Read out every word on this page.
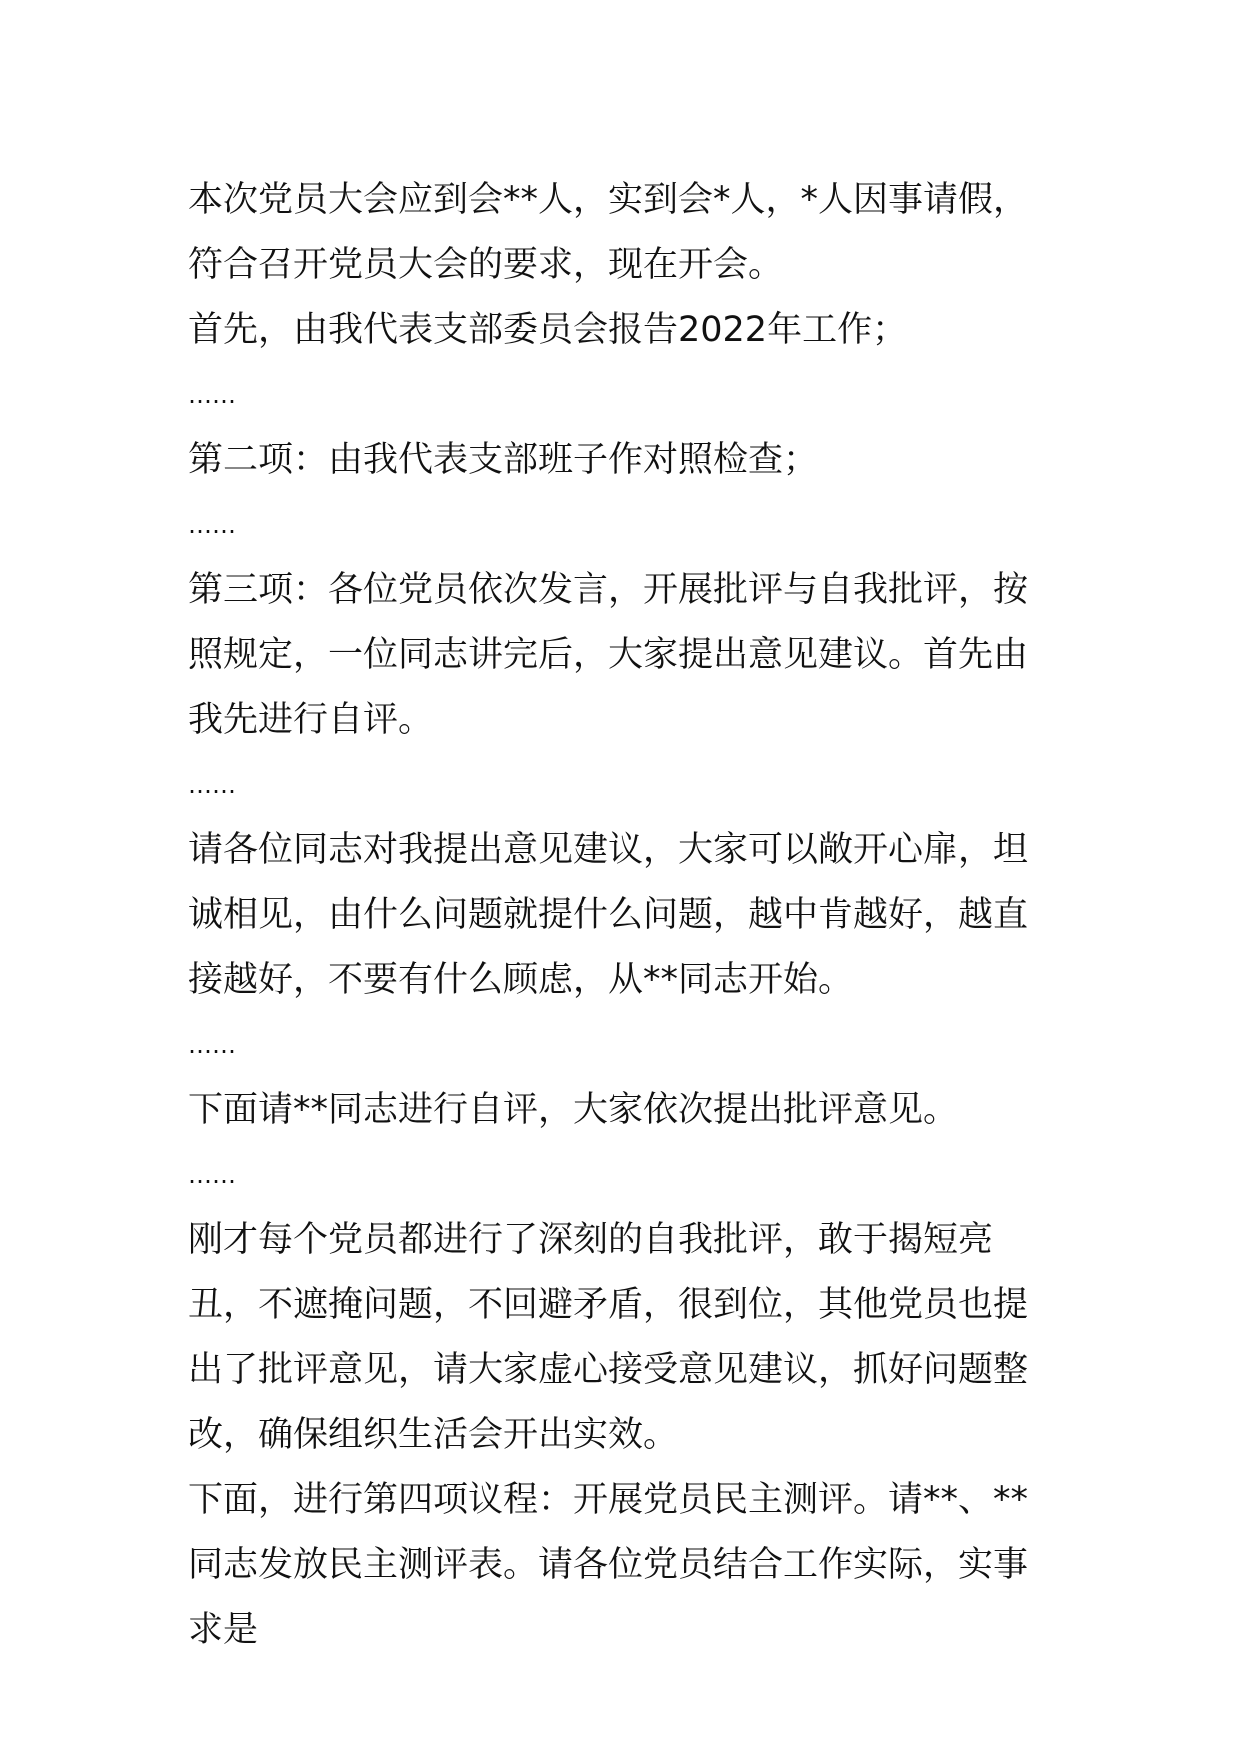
本次党员大会应到会**人，实到会*人，*人因事请假，符合召开党员大会的要求，现在开会。

首先，由我代表支部委员会报告2022年工作；

……

第二项：由我代表支部班子作对照检查；

……

第三项：各位党员依次发言，开展批评与自我批评，按照规定，一位同志讲完后，大家提出意见建议。首先由我先进行自评。

……

请各位同志对我提出意见建议，大家可以敞开心扉，坦诚相见，由什么问题就提什么问题，越中肯越好，越直接越好，不要有什么顾虑，从**同志开始。

……

下面请**同志进行自评，大家依次提出批评意见。

……

刚才每个党员都进行了深刻的自我批评，敢于揭短亮丑，不遮掩问题，不回避矛盾，很到位，其他党员也提出了批评意见，请大家虚心接受意见建议，抓好问题整改，确保组织生活会开出实效。

下面，进行第四项议程：开展党员民主测评。请**、**同志发放民主测评表。请各位党员结合工作实际，实事求是
